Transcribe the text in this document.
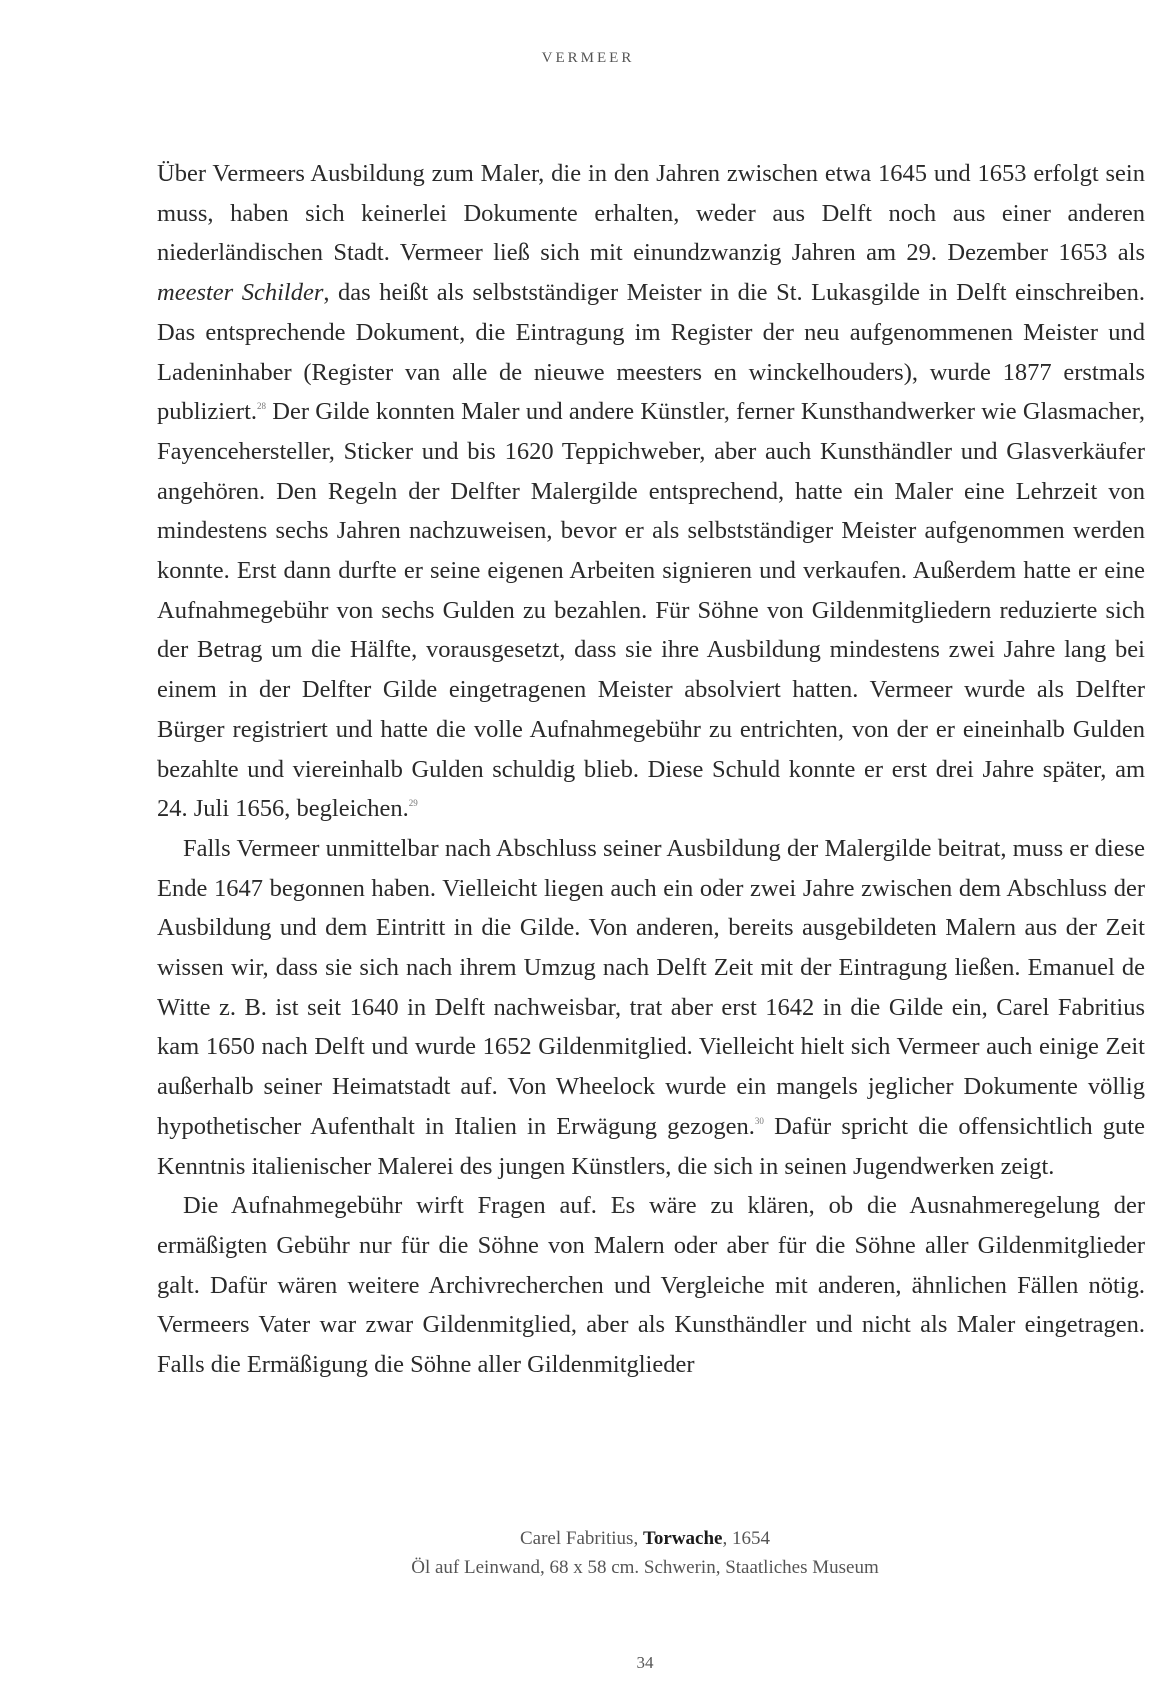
VERMEER

Über Vermeers Ausbildung zum Maler, die in den Jahren zwischen etwa 1645 und 1653 erfolgt sein muss, haben sich keinerlei Dokumente erhalten, weder aus Delft noch aus einer anderen niederländischen Stadt. Vermeer ließ sich mit einundzwanzig Jahren am 29. Dezember 1653 als meester Schilder, das heißt als selbstständiger Meister in die St. Lukasgilde in Delft einschreiben. Das entsprechende Dokument, die Eintragung im Register der neu aufgenommenen Meister und Ladeninhaber (Register van alle de nieuwe meesters en winckelhouders), wurde 1877 erstmals publiziert.$^{28}$ Der Gilde konnten Maler und andere Künstler, ferner Kunsthandwerker wie Glasmacher, Fayencehersteller, Sticker und bis 1620 Teppichweber, aber auch Kunsthändler und Glasverkäufer angehören. Den Regeln der Delfter Malergilde entsprechend, hatte ein Maler eine Lehrzeit von mindestens sechs Jahren nachzuweisen, bevor er als selbstständiger Meister aufgenommen werden konnte. Erst dann durfte er seine eigenen Arbeiten signieren und verkaufen. Außerdem hatte er eine Aufnahmegebühr von sechs Gulden zu bezahlen. Für Söhne von Gildenmitgliedern reduzierte sich der Betrag um die Hälfte, vorausgesetzt, dass sie ihre Ausbildung mindestens zwei Jahre lang bei einem in der Delfter Gilde eingetragenen Meister absolviert hatten. Vermeer wurde als Delfter Bürger registriert und hatte die volle Aufnahmegebühr zu entrichten, von der er eineinhalb Gulden bezahlte und viereinhalb Gulden schuldig blieb. Diese Schuld konnte er erst drei Jahre später, am 24. Juli 1656, begleichen.$^{29}$

Falls Vermeer unmittelbar nach Abschluss seiner Ausbildung der Malergilde beitrat, muss er diese Ende 1647 begonnen haben. Vielleicht liegen auch ein oder zwei Jahre zwischen dem Abschluss der Ausbildung und dem Eintritt in die Gilde. Von anderen, bereits ausgebildeten Malern aus der Zeit wissen wir, dass sie sich nach ihrem Umzug nach Delft Zeit mit der Eintragung ließen. Emanuel de Witte z. B. ist seit 1640 in Delft nachweisbar, trat aber erst 1642 in die Gilde ein, Carel Fabritius kam 1650 nach Delft und wurde 1652 Gildenmitglied. Vielleicht hielt sich Vermeer auch einige Zeit außerhalb seiner Heimatstadt auf. Von Wheelock wurde ein mangels jeglicher Dokumente völlig hypothetischer Aufenthalt in Italien in Erwägung gezogen.$^{30}$ Dafür spricht die offensichtlich gute Kenntnis italienischer Malerei des jungen Künstlers, die sich in seinen Jugendwerken zeigt.

Die Aufnahmegebühr wirft Fragen auf. Es wäre zu klären, ob die Ausnahmeregelung der ermäßigten Gebühr nur für die Söhne von Malern oder aber für die Söhne aller Gildenmitglieder galt. Dafür wären weitere Archivrecherchen und Vergleiche mit anderen, ähnlichen Fällen nötig. Vermeers Vater war zwar Gildenmitglied, aber als Kunsthändler und nicht als Maler eingetragen. Falls die Ermäßigung die Söhne aller Gildenmitglieder

Carel Fabritius, Torwache, 1654
Öl auf Leinwand, 68 x 58 cm. Schwerin, Staatliches Museum
34
